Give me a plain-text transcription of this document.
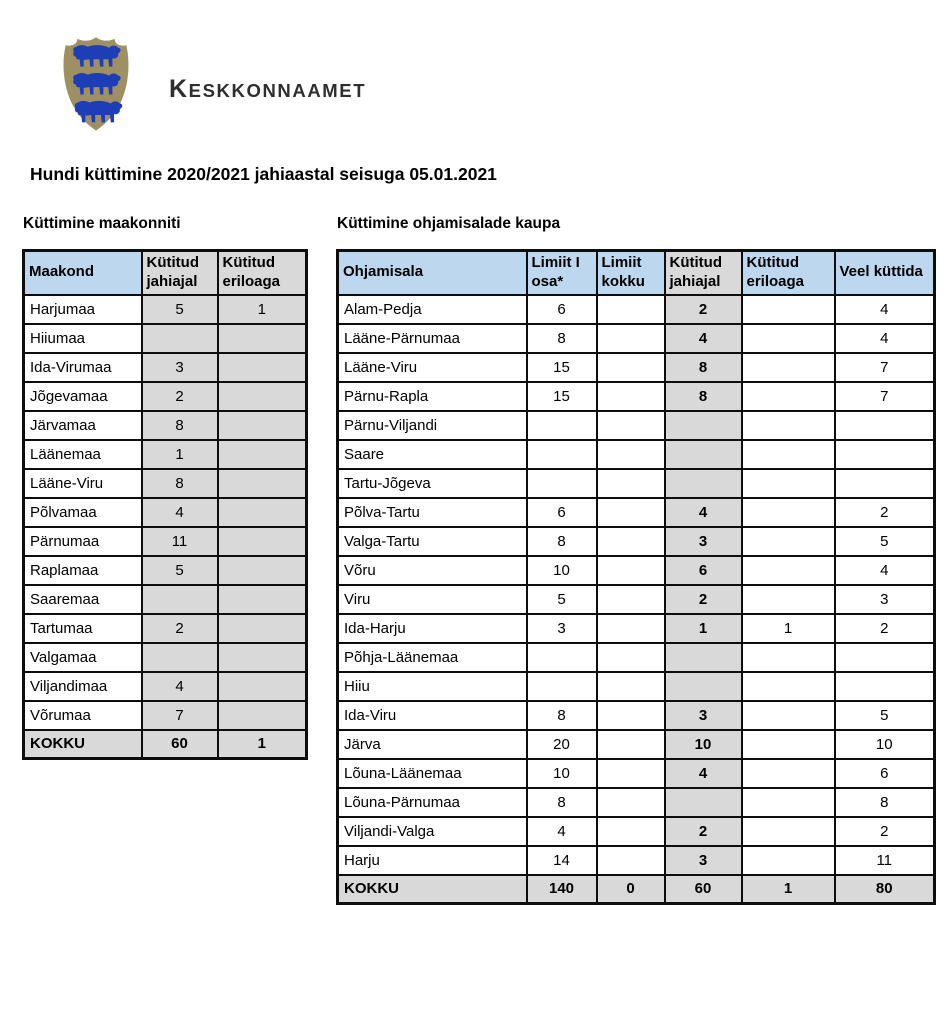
KESKKONNAAMET
Hundi küttimine 2020/2021 jahiaastal seisuga 05.01.2021
Küttimine maakonniti
Maakond	Kütitud jahiajal	Kütitud eriloaga
Harjumaa	5	1
Hiiumaa		
Ida-Virumaa	3	
Jõgevamaa	2	
Järvamaa	8	
Läänemaa	1	
Lääne-Viru	8	
Põlvamaa	4	
Pärnumaa	11	
Raplamaa	5	
Saaremaa		
Tartumaa	2	
Valgamaa		
Viljandimaa	4	
Võrumaa	7	
KOKKU	60	1
Küttimine ohjamisalade kaupa
Ohjamisala	Limiit I osa*	Limiit kokku	Kütitud jahiajal	Kütitud eriloaga	Veel küttida
Alam-Pedja	6		2		4
Lääne-Pärnumaa	8		4		4
Lääne-Viru	15		8		7
Pärnu-Rapla	15		8		7
Pärnu-Viljandi					
Saare					
Tartu-Jõgeva					
Põlva-Tartu	6		4		2
Valga-Tartu	8		3		5
Võru	10		6		4
Viru	5		2		3
Ida-Harju	3		1	1	2
Põhja-Läänemaa					
Hiiu					
Ida-Viru	8		3		5
Järva	20		10		10
Lõuna-Läänemaa	10		4		6
Lõuna-Pärnumaa	8				8
Viljandi-Valga	4		2		2
Harju	14		3		11
KOKKU	140	0	60	1	80
